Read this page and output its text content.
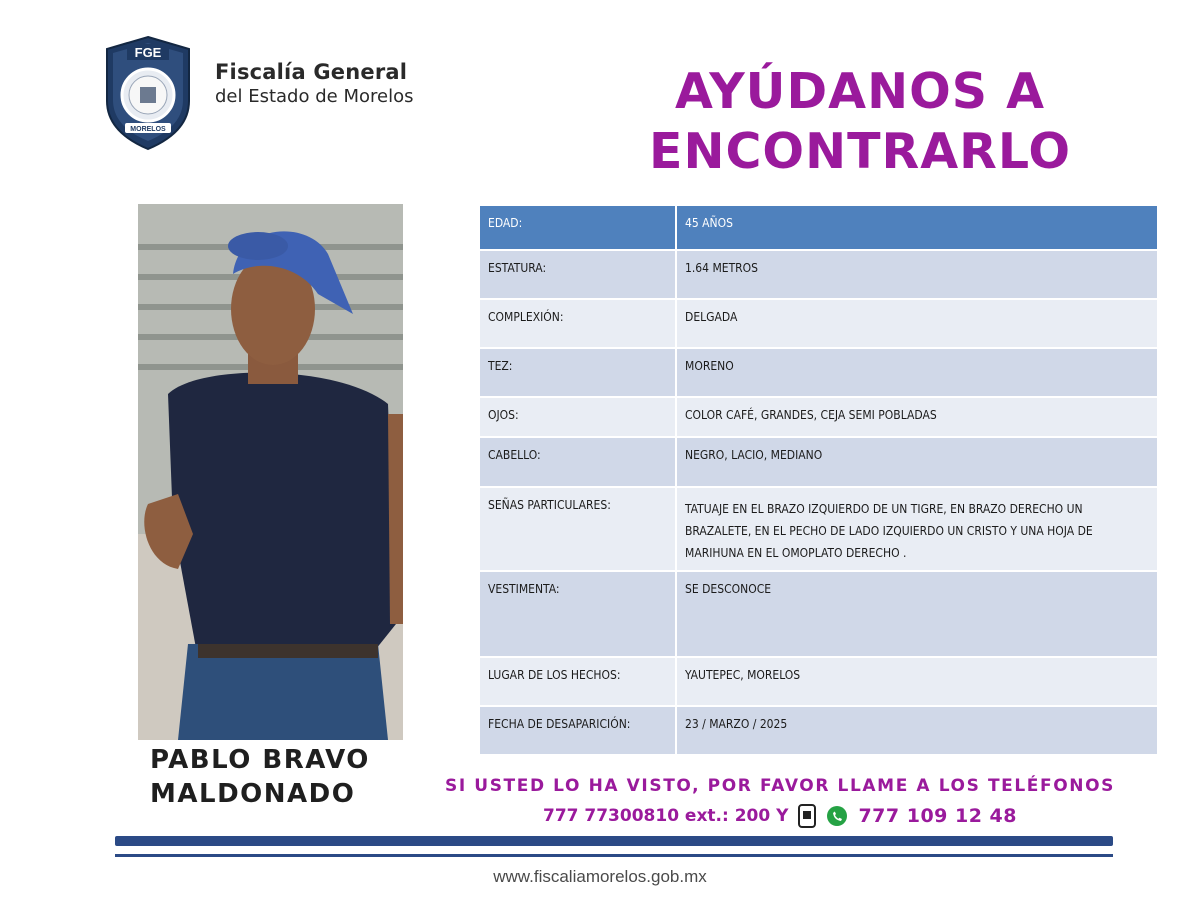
FGE
MORELOS
Fiscalía General
del Estado de Morelos	AYÚDANOS A
ENCONTRARLO
PABLO BRAVO
MALDONADO
EDAD:	45 AÑOS
ESTATURA:	1.64 METROS
COMPLEXIÓN:	DELGADA
TEZ:	MORENO
OJOS:	COLOR CAFÉ, GRANDES, CEJA SEMI POBLADAS
CABELLO:	NEGRO, LACIO, MEDIANO
SEÑAS PARTICULARES:	TATUAJE EN EL BRAZO IZQUIERDO DE UN TIGRE, EN BRAZO DERECHO UN BRAZALETE, EN EL PECHO DE LADO IZQUIERDO UN CRISTO Y UNA HOJA DE MARIHUNA EN EL OMOPLATO DERECHO .

VESTIMENTA:	SE DESCONOCE
LUGAR DE LOS HECHOS:	YAUTEPEC, MORELOS
FECHA DE DESAPARICIÓN:	23 / MARZO / 2025
SI USTED LO HA VISTO, POR FAVOR LLAME A LOS TELÉFONOS
777 77300810 ext.: 200 Y	777 109 12 48
www.fiscaliamorelos.gob.mx
